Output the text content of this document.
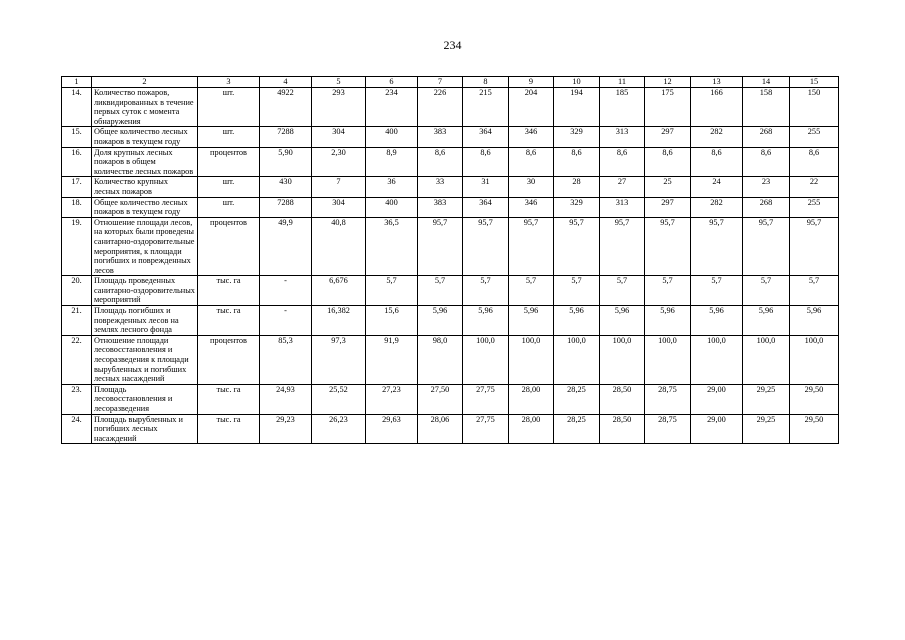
234
1	2	3	4	5	6	7	8	9	10	11	12	13	14	15
14.	Количество пожаров, ликвидированных в течение первых суток с момента обнаружения	шт.	4922	293	234	226	215	204	194	185	175	166	158	150
15.	Общее количество лесных пожаров в текущем году	шт.	7288	304	400	383	364	346	329	313	297	282	268	255
16.	Доля крупных лесных пожаров в общем количестве лесных пожаров	процентов	5,90	2,30	8,9	8,6	8,6	8,6	8,6	8,6	8,6	8,6	8,6	8,6
17.	Количество крупных лесных пожаров	шт.	430	7	36	33	31	30	28	27	25	24	23	22
18.	Общее количество лесных пожаров в текущем году	шт.	7288	304	400	383	364	346	329	313	297	282	268	255
19.	Отношение площади лесов, на которых были проведены санитарно-оздоровительные мероприятия, к площади погибших и поврежденных лесов	процентов	49,9	40,8	36,5	95,7	95,7	95,7	95,7	95,7	95,7	95,7	95,7	95,7
20.	Площадь проведенных санитарно-оздоровительных мероприятий	тыс. га	-	6,676	5,7	5,7	5,7	5,7	5,7	5,7	5,7	5,7	5,7	5,7
21.	Площадь погибших и поврежденных лесов на землях лесного фонда	тыс. га	-	16,382	15,6	5,96	5,96	5,96	5,96	5,96	5,96	5,96	5,96	5,96
22.	Отношение площади лесовосстановления и лесоразведения к площади вырубленных и погибших лесных насаждений	процентов	85,3	97,3	91,9	98,0	100,0	100,0	100,0	100,0	100,0	100,0	100,0	100,0
23.	Площадь лесовосстановления и лесоразведения	тыс. га	24,93	25,52	27,23	27,50	27,75	28,00	28,25	28,50	28,75	29,00	29,25	29,50
24.	Площадь вырубленных и погибших лесных насаждений	тыс. га	29,23	26,23	29,63	28,06	27,75	28,00	28,25	28,50	28,75	29,00	29,25	29,50
